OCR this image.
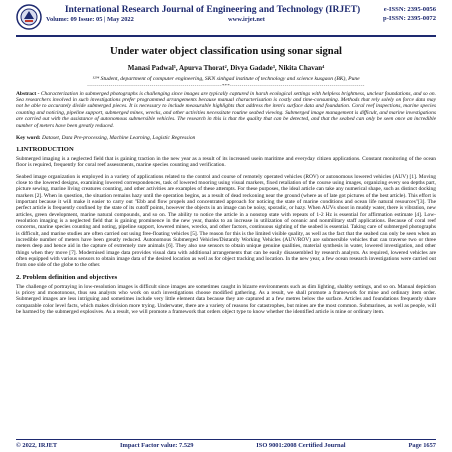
International Research Journal of Engineering and Technology (IRJET)
Volume: 09 Issue: 05 | May 2022	www.irjet.net
e-ISSN: 2395-0056
p-ISSN: 2395-0072
Under water object classification using sonar signal
Manasi Padwal¹, Apurva Thorat², Divya Gadade³, Nikita Chavan⁴
¹²³⁴ Student, department of computer engineering, SKN sinhgad institute of technology and science kusgaon (BK), Pune
---------------------------------------------------------------------***---------------------------------------------------------------------
Abstract - Characterization in submerged photographs is challenging since images are typically captured in harsh ecological settings with helpless brightness, unclear foundations, and so on. Sea researchers involved in such investigations prefer programmed arrangements because manual characterisation is costly and time-consuming. Methods that rely solely on force data may not be able to accurately divide submerged pieces. It is necessary to include measurable highlights that address the item's surface data and foundation. Coral reef inspections, marine species counting and noticing, pipeline support, submerged mines, wrecks, and other activities necessitate routine seabed viewing. Submerged image management is difficult, and marine investigations are carried out with the assistance of autonomous submersible vehicles. The research in this is that the quality that can be detected, and that the seabed can only be seen once an incredible number of meters have been greatly reduced.
Key word: Dataset, Data Pre-processing, Machine Learning, Logistic Regression
1.INTRODUCTION

Submerged imaging is a neglected field that is gaining traction in the new year as a result of its increased usein maritime and everyday citizen applications. Constant monitoring of the ocean floor is required, frequently for coral reef assessments, marine species counting and verification.

Seabed image organization is employed in a variety of applications related to the control and course of remotely operated vehicles (ROV) or autonomous lowered vehicles (AUV) [1]. Moving close to the lowered designs, examining lowered correspondences, task of lowered mooring using visual markers, fixed retaliation of the course using images, organizing every sea depths part, picture sewing, marine living creatures counting, and other activities are examples of these attempts. For these purposes, the ideal article can take any numerical shape, such as distinct docking markers [2]. When in question, the situation remains hazy until the operation begins, as a result of dead reckoning near the ground (where as of late got pictures of the best article). This effort is important because it will make it easier to carry out "Ebb and flow propels and concentrated approach for noticing the state of marine conditions and ocean life natural resources"[3]. The perfect article is frequently confined by the state of its cutoff points, however the objects in an image can be noisy, sporadic, or hazy. When AUVs shoot in muddy water, there is vibration, new articles, green development, marine natural compounds, and so on. The ability to notice the article in a nonstop state with repeats of 1-2 Hz is essential for affirmation estimate [4]. Low-resolution imaging is a neglected field that is gaining prominence in the new year, thanks to an increase in utilization of oceanic and nonmilitary staff applications. Because of coral reef concerns, marine species counting and noting, pipeline support, lowered mines, wrecks, and other factors, continuous sighting of the seabed is essential. Taking care of submerged photographs is difficult, and marine studies are often carried out using free-floating vehicles [5]. The reason for this is the limited visible quality, as well as the fact that the seabed can only be seen when an incredible number of meters have been greatly reduced. Autonomous Submerged Vehicles/Distantly Working Vehicles (AUV/ROV) are submersible vehicles that can traverse two or three meters deep and hence aid in the capture of extremely rare animals [6]. They also use sensors to obtain unique genuine qualities, material synthesis in water, lowered investigation, and other things when they move [7]. Modernised image data provides visual data with additional arrangements that can be easily disassembled by research analysts. As required, lowered vehicles are often equipped with various sensors to obtain image data of the desired location as well as for object tracking and location. In the new year, a few ocean research investigations were carried out from one side of the globe to the other.

2. Problem definition and objectives

The challenge of portraying in low-resolution images is difficult since images are sometimes caught in bizarre environments such as dim lighting, shabby settings, and so on. Manual depiction is pricey and monotonous, thus sea analysts who work on such investigations choose modified gathering. As a result, we shall promote a framework for mine and ordinary item order. Submerged images are less intriguing and sometimes include very little element data because they are captured at a few metres below the surface. Articles and foundations frequently share comparable color level facts, which makes division more trying. Underwater, there are a variety of reasons for catastrophes, but mines are the most common. Submarines, as well as people, will be harmed by the submerged explosives. As a result, we will promote a framework that orders object type to know whether the identified article is mine or ordinary item.

© 2022, IRJET	Impact Factor value: 7.529	ISO 9001:2008 Certified Journal	Page 1657
